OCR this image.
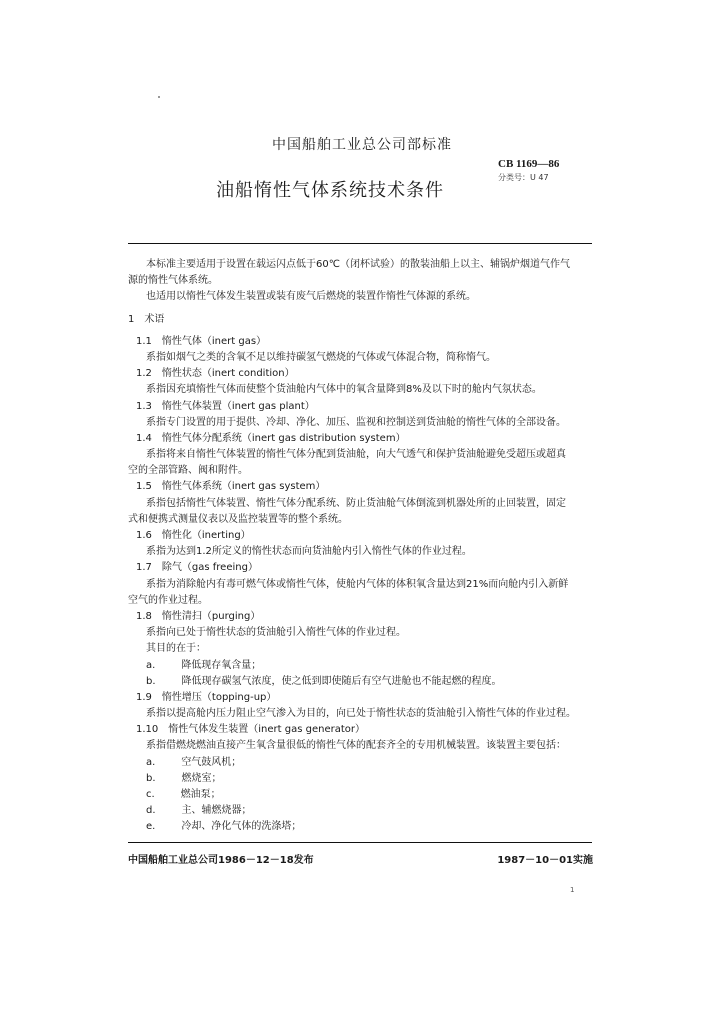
中国船舶工业总公司部标准
CB 1169—86
分类号：U 47
油船惰性气体系统技术条件
本标准主要适用于设置在载运闪点低于60℃（闭杯试验）的散装油船上以主、辅锅炉烟道气作气
源的惰性气体系统。
也适用以惰性气体发生装置或装有废气后燃烧的装置作惰性气体源的系统。
1　术语
1.1　惰性气体（inert gas）
系指如烟气之类的含氧不足以维持碳氢气燃烧的气体或气体混合物，简称惰气。
1.2　惰性状态（inert condition）
系指因充填惰性气体而使整个货油舱内气体中的氧含量降到8%及以下时的舱内气氛状态。
1.3　惰性气体装置（inert gas plant）
系指专门设置的用于提供、冷却、净化、加压、监视和控制送到货油舱的惰性气体的全部设备。
1.4　惰性气体分配系统（inert gas distribution system）
系指将来自惰性气体装置的惰性气体分配到货油舱，向大气透气和保护货油舱避免受超压或超真
空的全部管路、阀和附件。
1.5　惰性气体系统（inert gas system）
系指包括惰性气体装置、惰性气体分配系统、防止货油舱气体倒流到机器处所的止回装置，固定
式和便携式测量仪表以及监控装置等的整个系统。
1.6　惰性化（inerting）
系指为达到1.2所定义的惰性状态而向货油舱内引入惰性气体的作业过程。
1.7　除气（gas freeing）
系指为消除舱内有毒可燃气体或惰性气体，使舱内气体的体积氧含量达到21%而向舱内引入新鲜
空气的作业过程。
1.8　惰性清扫（purging）
系指向已处于惰性状态的货油舱引入惰性气体的作业过程。
其目的在于：
a.	降低现存氧含量；
b.	降低现存碳氢气浓度，使之低到即使随后有空气进舱也不能起燃的程度。
1.9　惰性增压（topping-up）
系指以提高舱内压力阻止空气渗入为目的，向已处于惰性状态的货油舱引入惰性气体的作业过程。
1.10　惰性气体发生装置（inert gas generator）
系指借燃烧燃油直接产生氧含量很低的惰性气体的配套齐全的专用机械装置。该装置主要包括：
a.	空气鼓风机；
b.	燃烧室；
c.	燃油泵；
d.	主、辅燃烧器；
e.	冷却、净化气体的洗涤塔；
中国船舶工业总公司1986－12－18发布	1987－10－01实施
1
